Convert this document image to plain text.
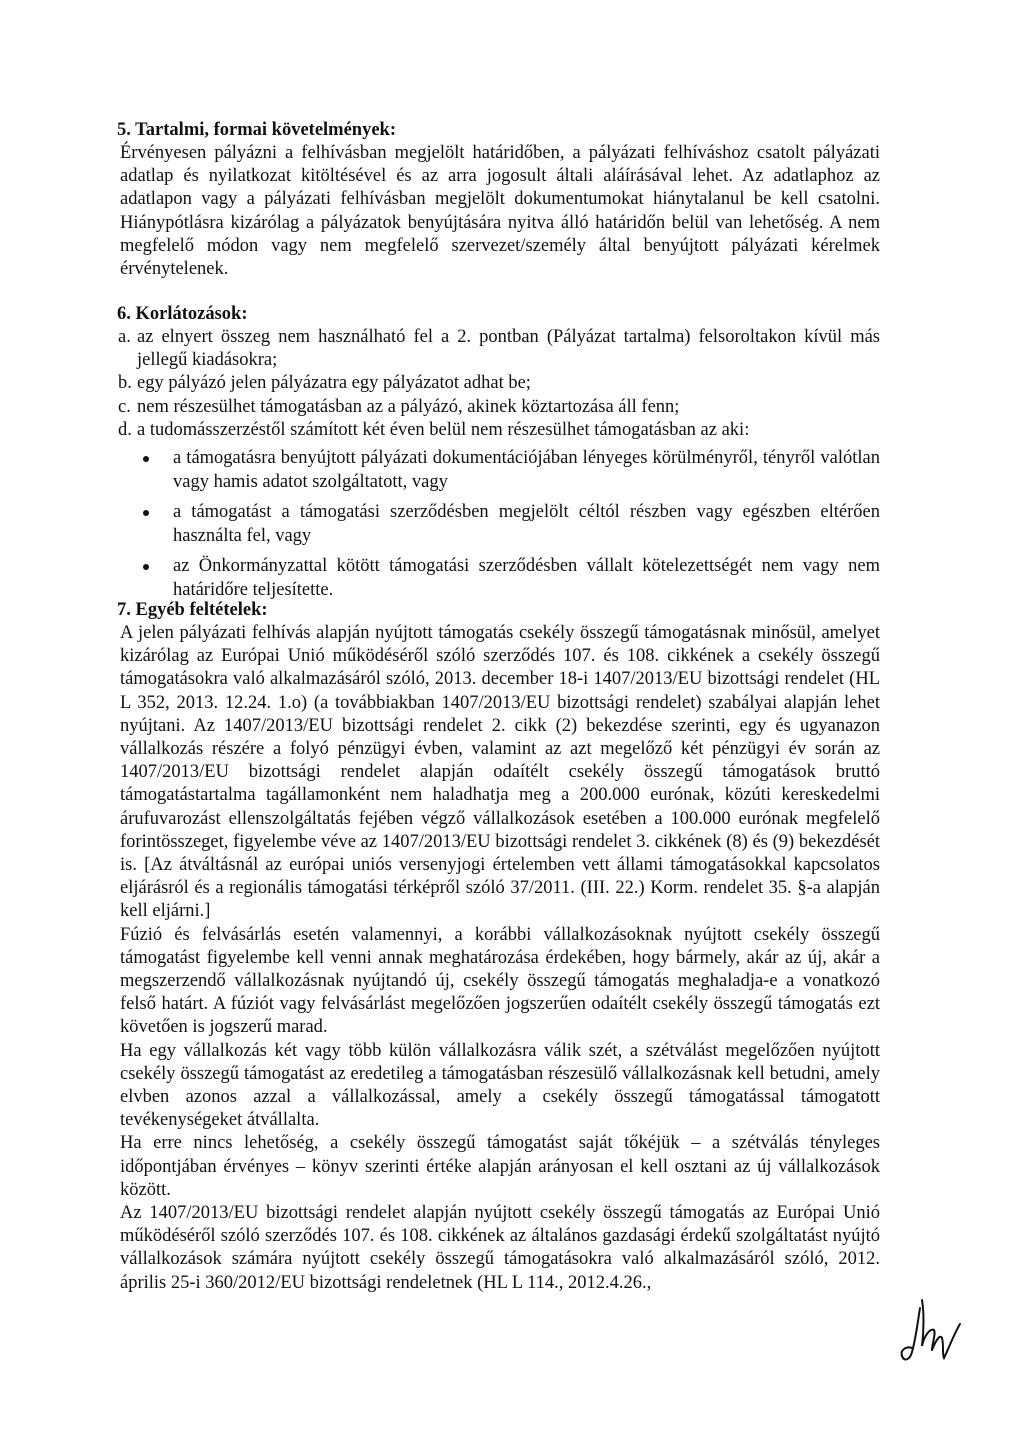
5. Tartalmi, formai követelmények:

Érvényesen pályázni a felhívásban megjelölt határidőben, a pályázati felhíváshoz csatolt pályázati adatlap és nyilatkozat kitöltésével és az arra jogosult általi aláírásával lehet. Az adatlaphoz az adatlapon vagy a pályázati felhívásban megjelölt dokumentumokat hiánytalanul be kell csatolni. Hiánypótlásra kizárólag a pályázatok benyújtására nyitva álló határidőn belül van lehetőség. A nem megfelelő módon vagy nem megfelelő szervezet/személy által benyújtott pályázati kérelmek érvénytelenek.

6. Korlátozások:
a. az elnyert összeg nem használható fel a 2. pontban (Pályázat tartalma) felsoroltakon kívül más jellegű kiadásokra;
b. egy pályázó jelen pályázatra egy pályázatot adhat be;
c. nem részesülhet támogatásban az a pályázó, akinek köztartozása áll fenn;
d. a tudomásszerzéstől számított két éven belül nem részesülhet támogatásban az aki:
a támogatásra benyújtott pályázati dokumentációjában lényeges körülményről, tényről valótlan vagy hamis adatot szolgáltatott, vagy
a támogatást a támogatási szerződésben megjelölt céltól részben vagy egészben eltérően használta fel, vagy
az Önkormányzattal kötött támogatási szerződésben vállalt kötelezettségét nem vagy nem határidőre teljesítette.
7. Egyéb feltételek:

A jelen pályázati felhívás alapján nyújtott támogatás csekély összegű támogatásnak minősül, amelyet kizárólag az Európai Unió működéséről szóló szerződés 107. és 108. cikkének a csekély összegű támogatásokra való alkalmazásáról szóló, 2013. december 18-i 1407/2013/EU bizottsági rendelet (HL L 352, 2013. 12.24. 1.o) (a továbbiakban 1407/2013/EU bizottsági rendelet) szabályai alapján lehet nyújtani. Az 1407/2013/EU bizottsági rendelet 2. cikk (2) bekezdése szerinti, egy és ugyanazon vállalkozás részére a folyó pénzügyi évben, valamint az azt megelőző két pénzügyi év során az 1407/2013/EU bizottsági rendelet alapján odaítélt csekély összegű támogatások bruttó támogatástartalma tagállamonként nem haladhatja meg a 200.000 eurónak, közúti kereskedelmi árufuvarozást ellenszolgáltatás fejében végző vállalkozások esetében a 100.000 eurónak megfelelő forintösszeget, figyelembe véve az 1407/2013/EU bizottsági rendelet 3. cikkének (8) és (9) bekezdését is. [Az átváltásnál az európai uniós versenyjogi értelemben vett állami támogatásokkal kapcsolatos eljárásról és a regionális támogatási térképről szóló 37/2011. (III. 22.) Korm. rendelet 35. §-a alapján kell eljárni.]

Fúzió és felvásárlás esetén valamennyi, a korábbi vállalkozásoknak nyújtott csekély összegű támogatást figyelembe kell venni annak meghatározása érdekében, hogy bármely, akár az új, akár a megszerzendő vállalkozásnak nyújtandó új, csekély összegű támogatás meghaladja-e a vonatkozó felső határt. A fúziót vagy felvásárlást megelőzően jogszerűen odaítélt csekély összegű támogatás ezt követően is jogszerű marad.

Ha egy vállalkozás két vagy több külön vállalkozásra válik szét, a szétválást megelőzően nyújtott csekély összegű támogatást az eredetileg a támogatásban részesülő vállalkozásnak kell betudni, amely elvben azonos azzal a vállalkozással, amely a csekély összegű támogatással támogatott tevékenységeket átvállalta.

Ha erre nincs lehetőség, a csekély összegű támogatást saját tőkéjük – a szétválás tényleges időpontjában érvényes – könyv szerinti értéke alapján arányosan el kell osztani az új vállalkozások között.

Az 1407/2013/EU bizottsági rendelet alapján nyújtott csekély összegű támogatás az Európai Unió működéséről szóló szerződés 107. és 108. cikkének az általános gazdasági érdekű szolgáltatást nyújtó vállalkozások számára nyújtott csekély összegű támogatásokra való alkalmazásáról szóló, 2012. április 25-i 360/2012/EU bizottsági rendeletnek (HL L 114., 2012.4.26.,
